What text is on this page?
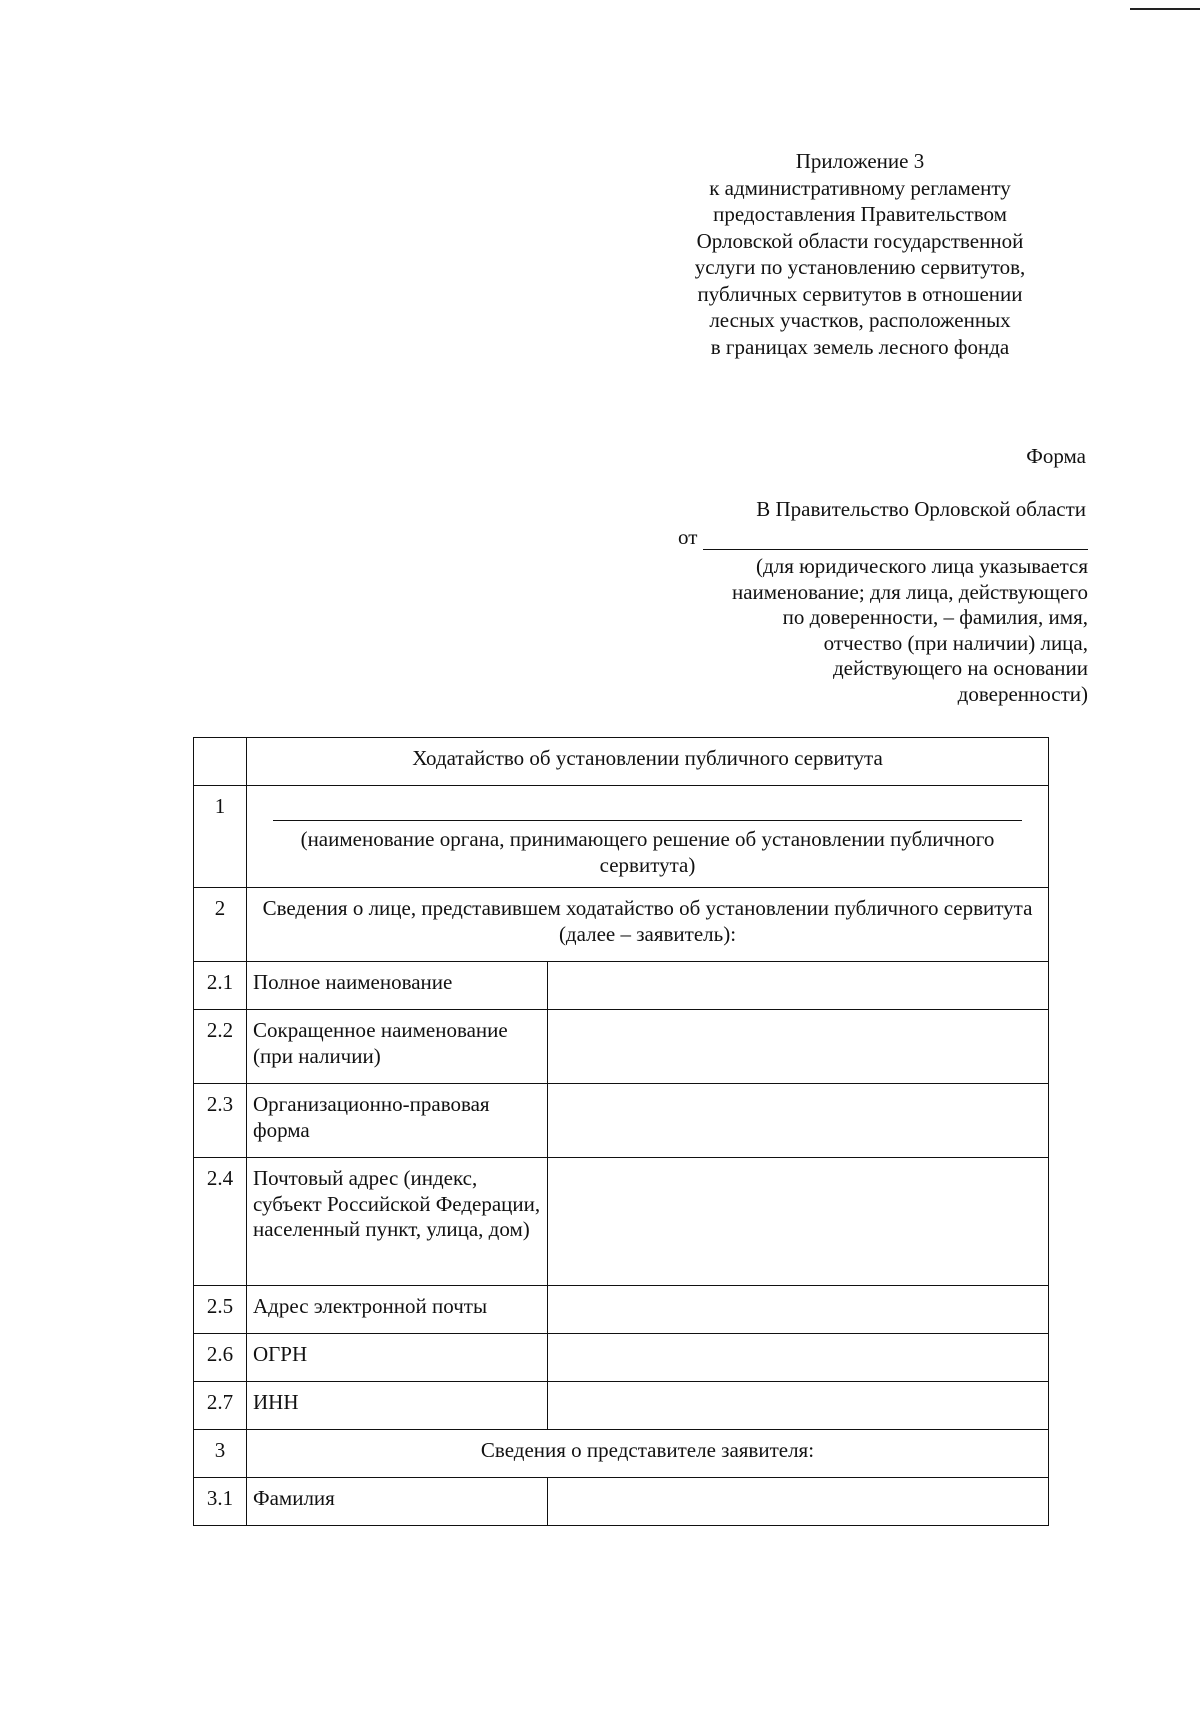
Приложение 3
к административному регламенту
предоставления Правительством
Орловской области государственной
услуги по установлению сервитутов,
публичных сервитутов в отношении
лесных участков, расположенных
в границах земель лесного фонда
Форма
В Правительство Орловской области
от
(для юридического лица указывается
наименование; для лица, действующего
по доверенности, – фамилия, имя,
отчество (при наличии) лица,
действующего на основании
доверенности)
	Ходатайство об установлении публичного сервитута	
1	(наименование органа, принимающего решение об установлении публичного сервитута)	

2	Сведения о лице, представившем ходатайство об установлении публичного сервитута (далее – заявитель):	
2.1	Полное наименование	
2.2	Сокращенное наименование (при наличии)	
2.3	Организационно-правовая форма	
2.4	Почтовый адрес (индекс, субъект Российской Федерации, населенный пункт, улица, дом)	
2.5	Адрес электронной почты	
2.6	ОГРН	
2.7	ИНН	
3	Сведения о представителе заявителя:	
3.1	Фамилия	
